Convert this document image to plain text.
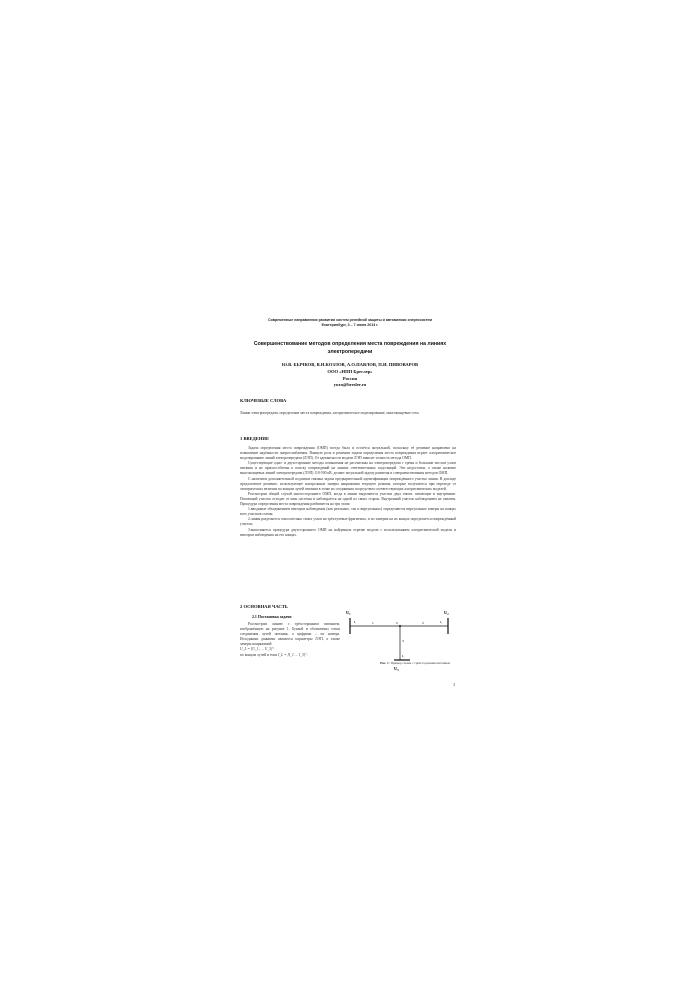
Современные направления развития систем релейной защиты и автоматики энергосистем
Екатеринбург, 3 – 7 июня 2013 г.
Совершенствование методов определения места повреждения на линиях электропередачи
Ю.В. БЫЧКОВ, В.Н.КОЗЛОВ, А.О.ПАВЛОВ, П.И. ПИВОВАРОВ
ООО «НПП Бреслер»
Россия
yura@bresler.ru
КЛЮЧЕВЫЕ СЛОВА

Линии электропередачи, определение места повреждения, алгоритмическое моделирование, многоконцевые сети.

1 ВВЕДЕНИЕ

Задача определения места повреждения (ОМП) всегда была и остаётся актуальной, поскольку её решение направлено на повышение надёжности энергоснабжения. Важную роль в решении задачи определения места повреждения играет алгоритмическое моделирование линий электропередачи (ЛЭП). От адекватности модели ЛЭП зависит точность метода ОМП.

Существующие одно- и двухсторонние методы повышения не рассчитаны на электропередачи с тремя и большим числом узлов питания и не приспособлены к поиску повреждений на линиях ответвительных подстанций. Эти недостатки, а также наличие многоконцевых линий электропередачи (ЛЭП) 110-500 кВ, делают актуальной задачу развития и совершенствования методов ОМП.

С наличием дополнительной подпитки связана задача предварительной идентификации повреждённого участка линии. В докладе предлагаемое решение, использующее контрольные замеры напряжения текущего режима, которые получаются при переходе от электрических величин по концам лучей питания в точке их соединения посредством соответствующих алгоритмических моделей.

Рассмотрим общий случай многостороннего ОМП, когда в линии выделяются участки двух типов: питающие и внутренние. Питающий участок отходит от шин системы и наблюдается на одной из своих сторон. Внутренний участок наблюдением не охвачен. Процедура определения места повреждения разбивается на три этапа:

1.вводимые объединением векторов наблюдения (как реальных, так и виртуальных) определяются виртуальные замеры на концах всех участков схемы;

2.линия разделяется относительно своих узлов на трёхлучевые фрагменты, и по замерам на их концах определяется повреждённый участок;

3.выполняется процедура двухстороннего ОМП на найденном отрезке модели с использованием алгоритмической модели и векторов наблюдения на его концах.

2 ОСНОВНАЯ ЧАСТЬ
2.1 Постановка задачи

Рассмотрим линию с трёхсторонним питанием, изображённую на рисунке 1. Буквой и обозначены точки соединения лучей питания, а цифрами – их номера. Исходными данными являются параметры ЛЭП, а также замеры напряжений

U_L = [U_1, … U_3]ᵀ

по концам лучей и токи I_L = [I_1 … I_3]ᵀ.

U₁	U₂
U₃
I₁	I₂
I₃
1	2
3
0
Рис. 1: Пример схемы с трёхсторонним питанием
1
